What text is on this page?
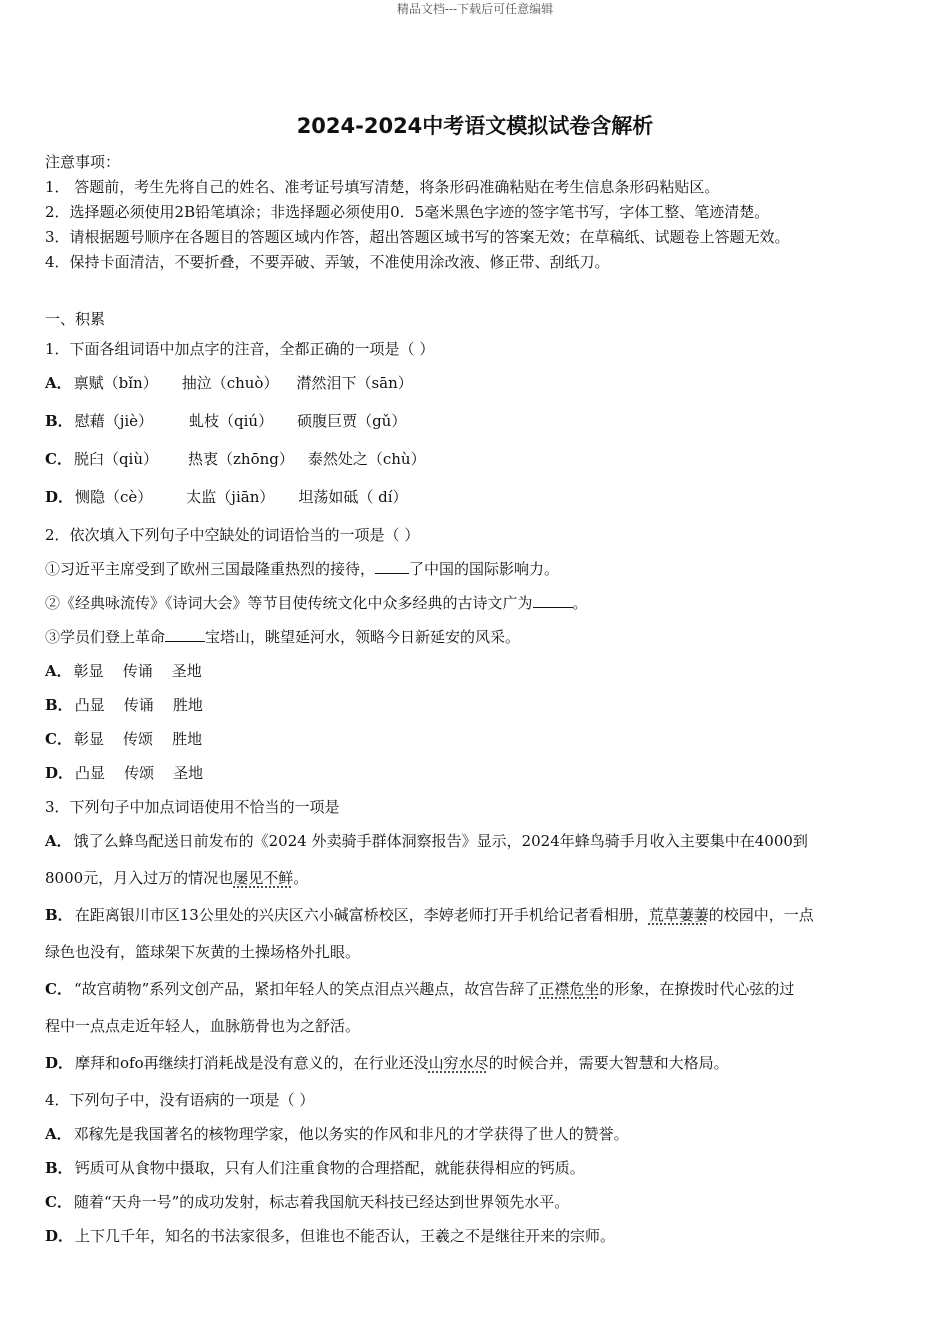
精品文档---下载后可任意编辑
2024-2024中考语文模拟试卷含解析
注意事项：
1． 答题前，考生先将自己的姓名、准考证号填写清楚，将条形码准确粘贴在考生信息条形码粘贴区。
2．选择题必须使用2B铅笔填涂；非选择题必须使用0．5毫米黑色字迹的签字笔书写，字体工整、笔迹清楚。
3．请根据题号顺序在各题目的答题区域内作答，超出答题区域书写的答案无效；在草稿纸、试题卷上答题无效。
4．保持卡面清洁，不要折叠，不要弄破、弄皱，不准使用涂改液、修正带、刮纸刀。
一、积累
1．下面各组词语中加点字的注音，全都正确的一项是（ ）
A． 禀赋（bǐn） 抽泣（chuò） 潸然泪下（sān）
B． 慰藉（jiè） 虬枝（qiú） 硕腹巨贾（gǔ）
C． 脱臼（qiù） 热衷（zhōng） 泰然处之（chù）
D． 恻隐（cè） 太监（jiān） 坦荡如砥（ dí）
2．依次填入下列句子中空缺处的词语恰当的一项是（ ）
①习近平主席受到了欧州三国最隆重热烈的接待， 了中国的国际影响力。
②《经典咏流传》《诗词大会》等节目使传统文化中众多经典的古诗文广为	。
③学员们登上革命	宝塔山，眺望延河水，领略今日新延安的风采。
A． 彰显    传诵    圣地
B． 凸显    传诵    胜地
C． 彰显    传颂    胜地
D． 凸显    传颂    圣地
3．下列句子中加点词语使用不恰当的一项是
A． 饿了么蜂鸟配送日前发布的《2024 外卖骑手群体洞察报告》显示，2024年蜂鸟骑手月收入主要集中在4000到
8000元，月入过万的情况也屡见不鲜。
B． 在距离银川市区13公里处的兴庆区六小碱富桥校区，李婷老师打开手机给记者看相册，荒草萋萋的校园中，一点
绿色也没有，篮球架下灰黄的土操场格外扎眼。
C． “故宫萌物”系列文创产品，紧扣年轻人的笑点泪点兴趣点，故宫告辞了正襟危坐的形象，在撩拨时代心弦的过
程中一点点走近年轻人，血脉筋骨也为之舒活。
D． 摩拜和ofo再继续打消耗战是没有意义的，在行业还没山穷水尽的时候合并，需要大智慧和大格局。
4．下列句子中，没有语病的一项是（ ）
A． 邓稼先是我国著名的核物理学家，他以务实的作风和非凡的才学获得了世人的赞誉。
B． 钙质可从食物中摄取，只有人们注重食物的合理搭配，就能获得相应的钙质。
C． 随着“天舟一号”的成功发射，标志着我国航天科技已经达到世界领先水平。
D． 上下几千年，知名的书法家很多，但谁也不能否认，王羲之不是继往开来的宗师。
